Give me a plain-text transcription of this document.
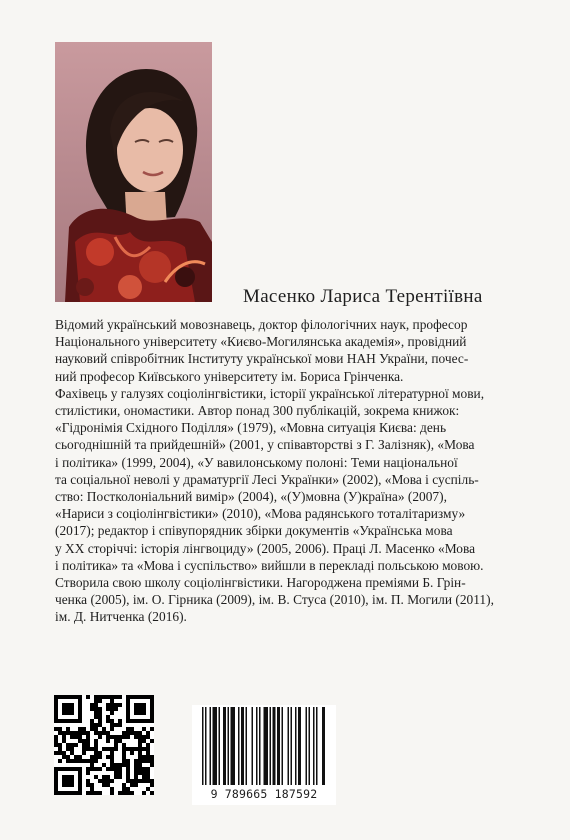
Масенко Лариса Терентіївна
Відомий український мовознавець, доктор філологічних наук, професор
Національного університету «Києво-Могилянська академія», провідний
науковий співробітник Інституту української мови НАН України, почес-
ний професор Київського університету ім. Бориса Грінченка.
Фахівець у галузях соціолінгвістики, історії української літературної мови,
стилістики, ономастики. Автор понад 300 публікацій, зокрема книжок:
«Гідронімія Східного Поділля» (1979), «Мовна ситуація Києва: день
сьогоднішній та прийдешній» (2001, у співавторстві з Г. Залізняк), «Мова
і політика» (1999, 2004), «У вавилонському полоні: Теми національної
та соціальної неволі у драматургії Лесі Українки» (2002), «Мова і суспіль-
ство: Постколоніальний вимір» (2004), «(У)мовна (У)країна» (2007),
«Нариси з соціолінгвістики» (2010), «Мова радянського тоталітаризму»
(2017); редактор і співупорядник збірки документів «Українська мова
у ХХ сторіччі: історія лінгвоциду» (2005, 2006). Праці Л. Масенко «Мова
і політика» та «Мова і суспільство» вийшли в перекладі польською мовою.
Створила свою школу соціолінгвістики. Нагороджена преміями Б. Грін-
ченка (2005), ім. О. Гірника (2009), ім. В. Стуса (2010), ім. П. Могили (2011),
ім. Д. Нитченка (2016).
9 789665 187592
